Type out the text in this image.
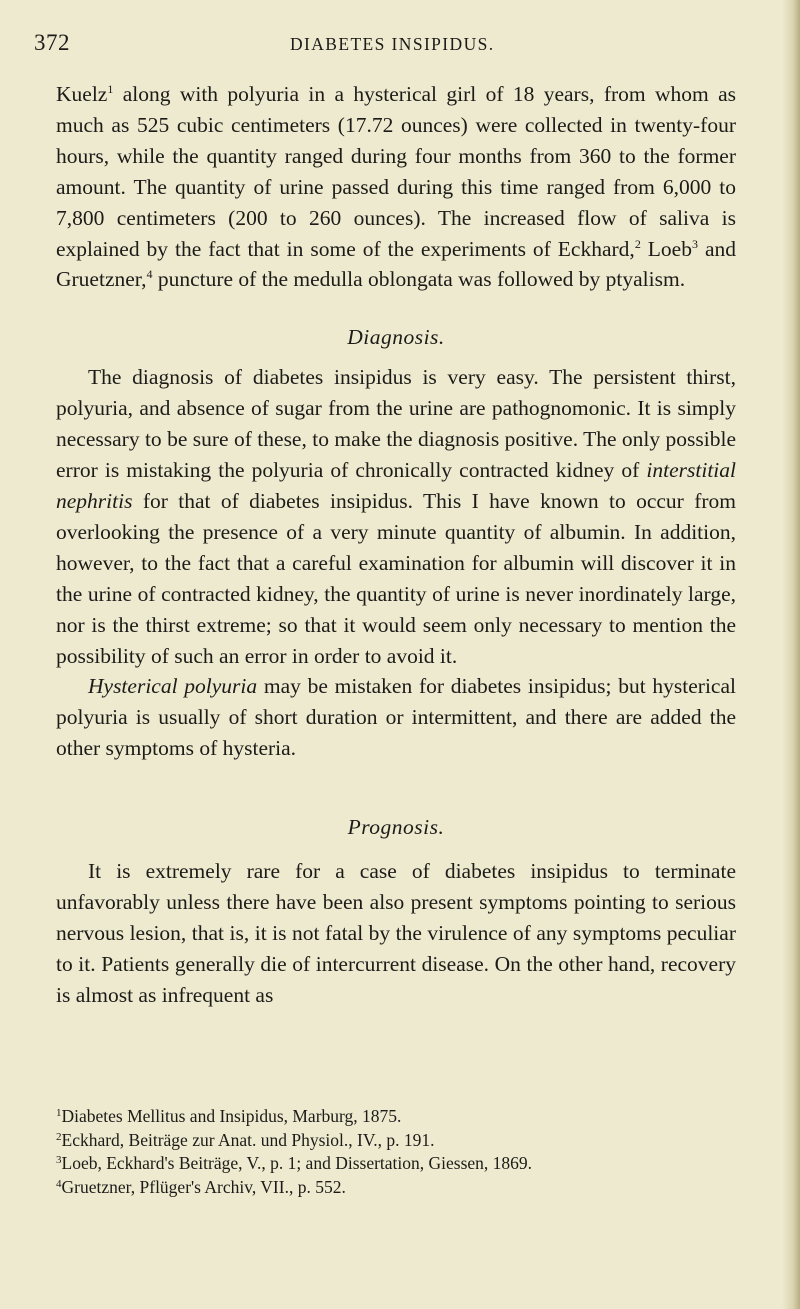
372	DIABETES INSIPIDUS.

Kuelz$^1$ along with polyuria in a hysterical girl of 18 years, from whom as much as 525 cubic centimeters (17.72 ounces) were collected in twenty-four hours, while the quantity ranged during four months from 360 to the former amount. The quantity of urine passed during this time ranged from 6,000 to 7,800 centimeters (200 to 260 ounces). The increased flow of saliva is explained by the fact that in some of the experiments of Eckhard,$^2$ Loeb$^3$ and Gruetzner,$^4$ puncture of the medulla oblongata was followed by ptyalism.

Diagnosis.

The diagnosis of diabetes insipidus is very easy. The persistent thirst, polyuria, and absence of sugar from the urine are pathognomonic. It is simply necessary to be sure of these, to make the diagnosis positive. The only possible error is mistaking the polyuria of chronically contracted kidney of interstitial nephritis for that of diabetes insipidus. This I have known to occur from overlooking the presence of a very minute quantity of albumin. In addition, however, to the fact that a careful examination for albumin will discover it in the urine of contracted kidney, the quantity of urine is never inordinately large, nor is the thirst extreme; so that it would seem only necessary to mention the possibility of such an error in order to avoid it.

Hysterical polyuria may be mistaken for diabetes insipidus; but hysterical polyuria is usually of short duration or intermittent, and there are added the other symptoms of hysteria.

Prognosis.

It is extremely rare for a case of diabetes insipidus to terminate unfavorably unless there have been also present symptoms pointing to serious nervous lesion, that is, it is not fatal by the virulence of any symptoms peculiar to it. Patients generally die of intercurrent disease. On the other hand, recovery is almost as infrequent as

$^1$Diabetes Mellitus and Insipidus, Marburg, 1875.
$^2$Eckhard, Beiträge zur Anat. und Physiol., IV., p. 191.
$^3$Loeb, Eckhard's Beiträge, V., p. 1; and Dissertation, Giessen, 1869.
$^4$Gruetzner, Pflüger's Archiv, VII., p. 552.
